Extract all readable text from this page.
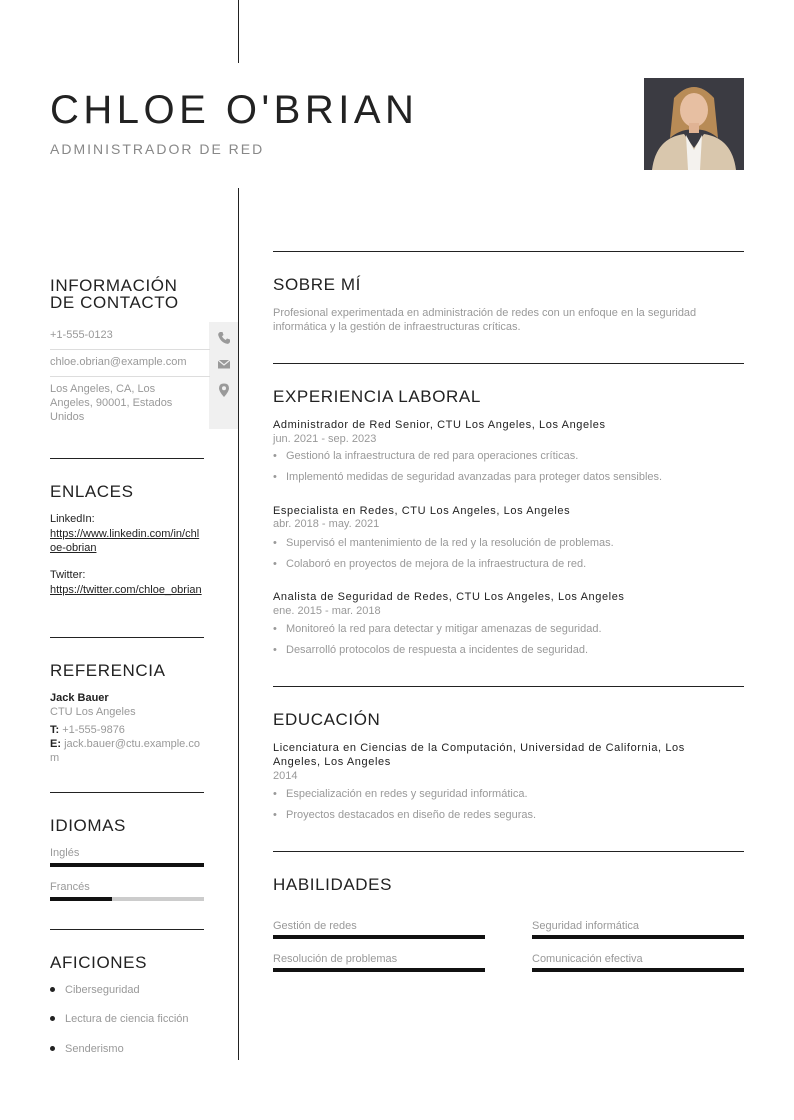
CHLOE O'BRIAN
ADMINISTRADOR DE RED
INFORMACIÓN
DE CONTACTO
+1-555-0123
chloe.obrian@example.com
Los Angeles, CA, Los Angeles, 90001, Estados Unidos
ENLACES
LinkedIn:
https://www.linkedin.com/in/chloe-obrian
Twitter:
https://twitter.com/chloe_obrian
REFERENCIA
Jack Bauer
CTU Los Angeles
T: +1-555-9876
E: jack.bauer@ctu.example.com
IDIOMAS
Inglés
Francés
AFICIONES
Ciberseguridad
Lectura de ciencia ficción
Senderismo
SOBRE MÍ
Profesional experimentada en administración de redes con un enfoque en la seguridad informática y la gestión de infraestructuras críticas.
EXPERIENCIA LABORAL
Administrador de Red Senior, CTU Los Angeles, Los Angeles
jun. 2021 - sep. 2023
• Gestionó la infraestructura de red para operaciones críticas.
• Implementó medidas de seguridad avanzadas para proteger datos sensibles.
Especialista en Redes, CTU Los Angeles, Los Angeles
abr. 2018 - may. 2021
• Supervisó el mantenimiento de la red y la resolución de problemas.
• Colaboró en proyectos de mejora de la infraestructura de red.
Analista de Seguridad de Redes, CTU Los Angeles, Los Angeles
ene. 2015 - mar. 2018
• Monitoreó la red para detectar y mitigar amenazas de seguridad.
• Desarrolló protocolos de respuesta a incidentes de seguridad.
EDUCACIÓN
Licenciatura en Ciencias de la Computación, Universidad de California, Los Angeles, Los Angeles
2014
• Especialización en redes y seguridad informática.
• Proyectos destacados en diseño de redes seguras.
HABILIDADES
Gestión de redes	Seguridad informática
Resolución de problemas	Comunicación efectiva
